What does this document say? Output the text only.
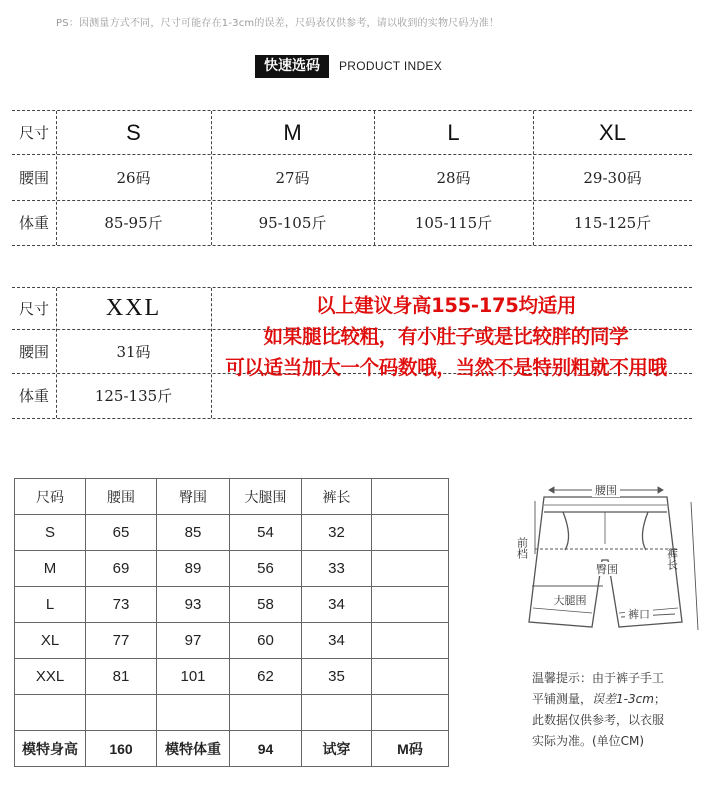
PS：因测量方式不同，尺寸可能存在1-3cm的误差，尺码表仅供参考，请以收到的实物尺码为准！
快速选码	PRODUCT INDEX
尺寸	S	M	L	XL
腰围	26码	27码	28码	29-30码
体重	85-95斤	95-105斤	105-115斤	115-125斤
尺寸 XXL
腰围	31码
体重	125-135斤
以上建议身高155-175均适用
如果腿比较粗，有小肚子或是比较胖的同学
可以适当加大一个码数哦，当然不是特别粗就不用哦
尺码	腰围	臀围	大腿围	裤长	
S	65	85	54	32	
M	69	89	56	33	
L	73	93	58	34	
XL	77	97	60	34	
XXL	81	101	62	35	

模特身高	160	模特体重	94	试穿	M码
腰围
前档
臀围	裤长
大腿围
裤口
温馨提示：由于裤子手工
平铺测量，误差1-3cm；
此数据仅供参考，以衣服
实际为准。(单位CM)
